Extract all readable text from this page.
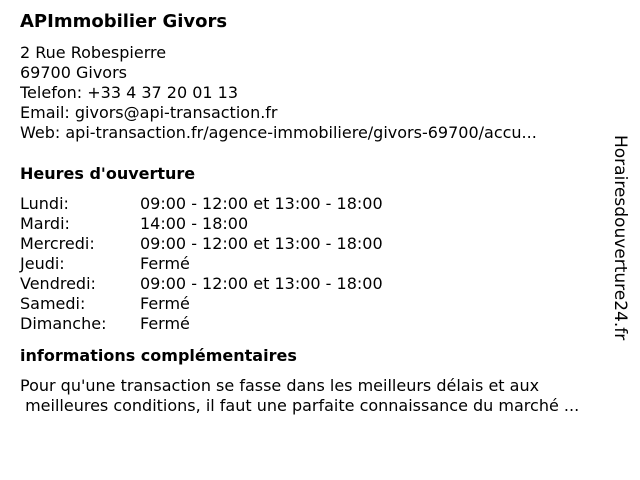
APImmobilier Givors
2 Rue Robespierre
69700 Givors
Telefon: +33 4 37 20 01 13
Email: givors@api-transaction.fr
Web: api-transaction.fr/agence-immobiliere/givors-69700/accu...
Heures d'ouverture
Lundi:	09:00 - 12:00 et 13:00 - 18:00
Mardi:	14:00 - 18:00
Mercredi:	09:00 - 12:00 et 13:00 - 18:00
Jeudi:	Fermé
Vendredi:	09:00 - 12:00 et 13:00 - 18:00
Samedi:	Fermé
Dimanche:	Fermé
informations complémentaires
Pour qu'une transaction se fasse dans les meilleurs délais et aux
meilleures conditions, il faut une parfaite connaissance du marché ...
Horairesdouverture24.fr
